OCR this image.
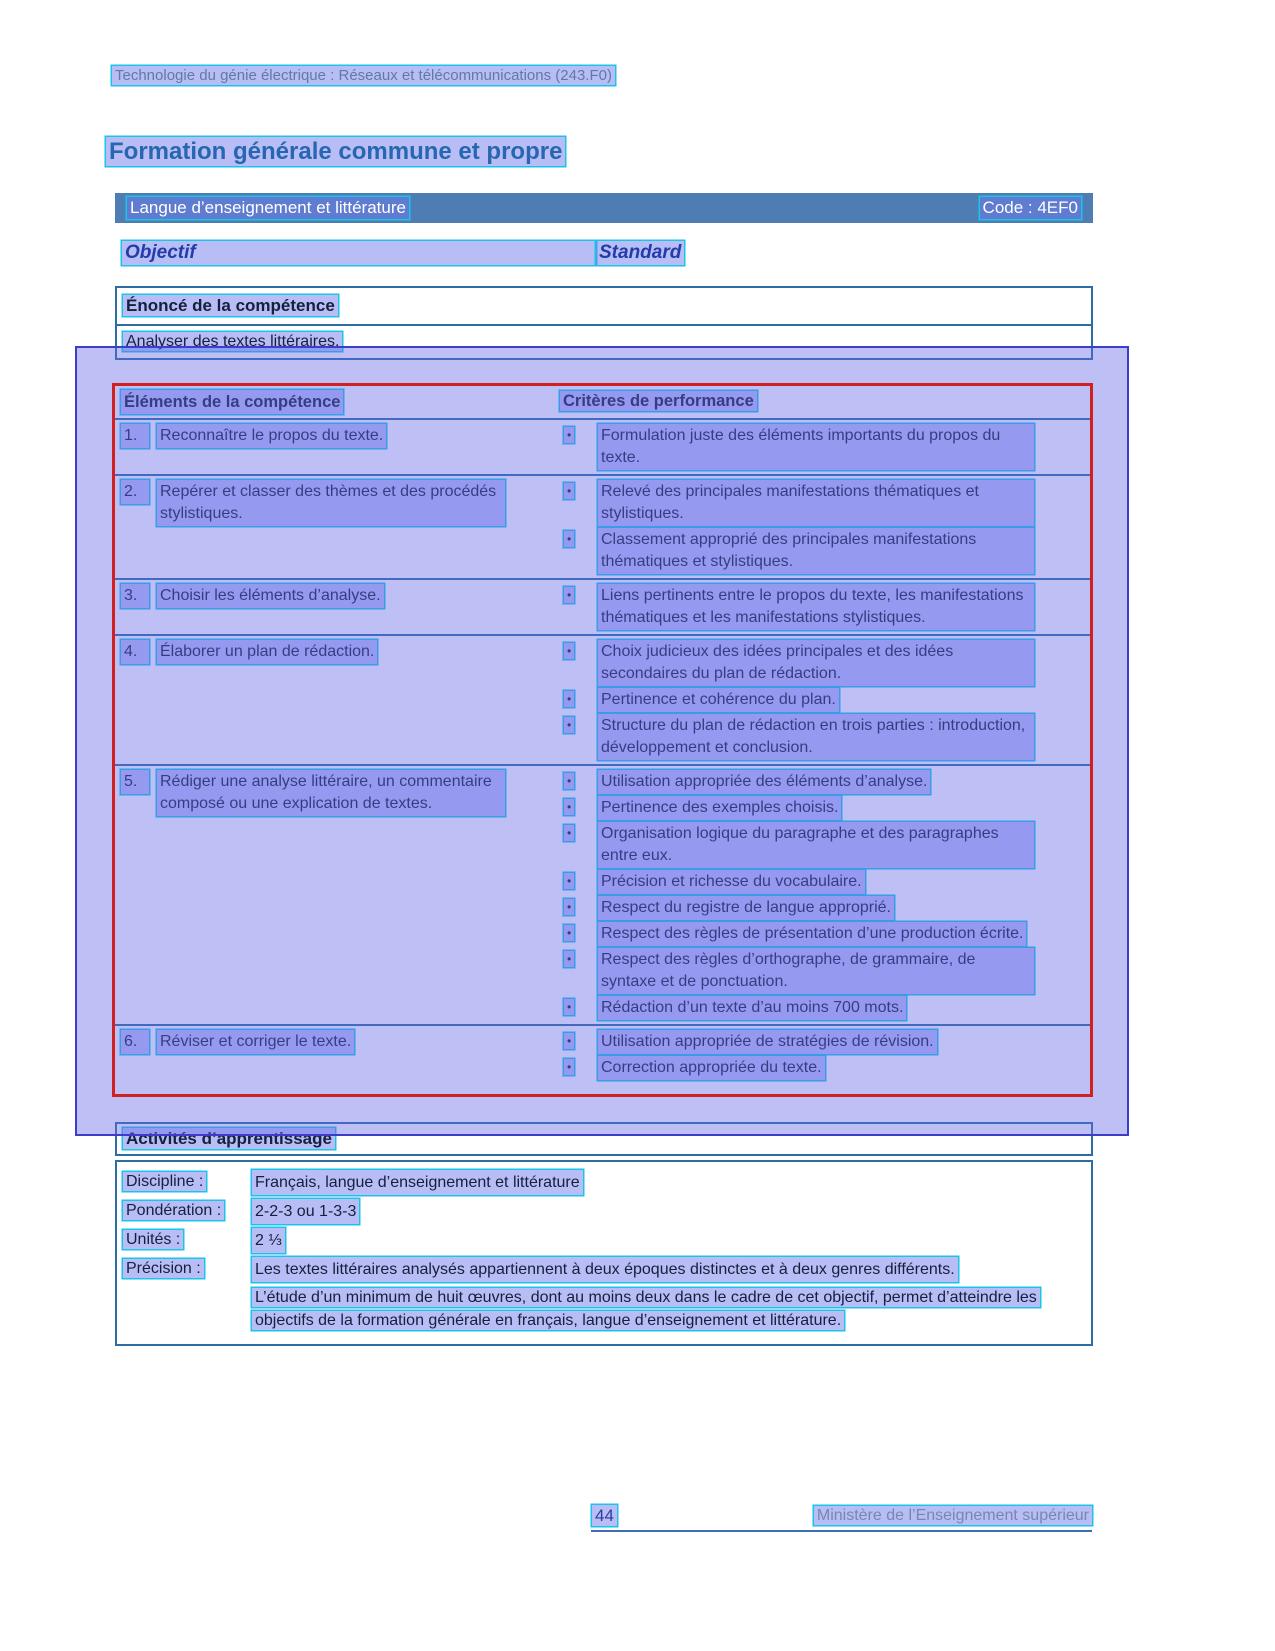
Technologie du génie électrique : Réseaux et télécommunications (243.F0)
Formation générale commune et propre
Langue d’enseignement et littérature	Code : 4EF0
Objectif	Standard
Énoncé de la compétence
Analyser des textes littéraires.
Éléments de la compétence	Critères de performance
1.	Reconnaître le propos du texte.	•	Formulation juste des éléments importants du propos du texte.
2.	Repérer et classer des thèmes et des procédés stylistiques.
•	Relevé des principales manifestations thématiques et stylistiques.
•	Classement approprié des principales manifestations thématiques et stylistiques.
3.	Choisir les éléments d’analyse.	•	Liens pertinents entre le propos du texte, les manifestations thématiques et les manifestations stylistiques.
4.	Élaborer un plan de rédaction.	•	Choix judicieux des idées principales et des idées secondaires du plan de rédaction.
•	Pertinence et cohérence du plan.
•	Structure du plan de rédaction en trois parties : introduction, développement et conclusion.
5.	Rédiger une analyse littéraire, un commentaire composé ou une explication de textes.
•	Utilisation appropriée des éléments d’analyse.
•	Pertinence des exemples choisis.
•	Organisation logique du paragraphe et des paragraphes entre eux.
•	Précision et richesse du vocabulaire.
•	Respect du registre de langue approprié.
•	Respect des règles de présentation d’une production écrite.
•	Respect des règles d’orthographe, de grammaire, de syntaxe et de ponctuation.
•	Rédaction d’un texte d’au moins 700 mots.
6.	Réviser et corriger le texte.	•	Utilisation appropriée de stratégies de révision.
•	Correction appropriée du texte.
Activités d’apprentissage
Discipline :	Français, langue d’enseignement et littérature
Pondération :	2-2-3 ou 1-3-3
Unités :	2 ⅓
Précision :	Les textes littéraires analysés appartiennent à deux époques distinctes et à deux genres différents.
L’étude d’un minimum de huit œuvres, dont au moins deux dans le cadre de cet objectif, permet d’atteindre les objectifs de la formation générale en français, langue d’enseignement et littérature.
44	Ministère de l’Enseignement supérieur
